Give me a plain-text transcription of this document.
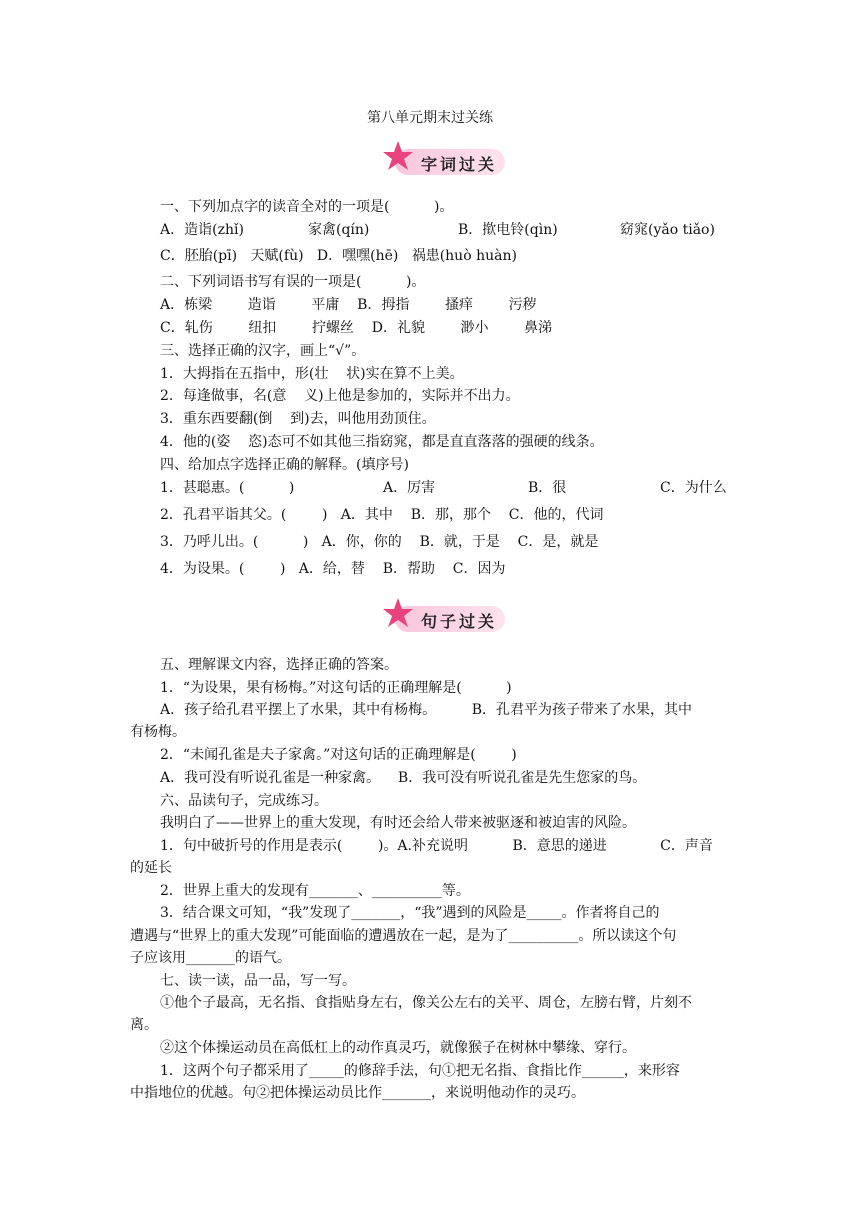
第八单元期末过关练
字词过关
一、下列加点字的读音全对的一项是(          )。
A．造诣(zhǐ)	家禽(qín)	B．揿电铃(qìn)	窈窕(yǎo tiǎo)
C．胚胎(pī)   天赋(fù)   D．嘿嘿(hē)   祸患(huò huàn)
二、下列词语书写有误的一项是(          )。
A．栋梁        造诣        平庸    B．拇指        搔痒        污秽
C．轧伤        纽扣        拧螺丝    D．礼貌        渺小        鼻涕
三、选择正确的汉字，画上“√”。
1．大拇指在五指中，形(壮    状)实在算不上美。
2．每逢做事，名(意    义)上他是参加的，实际并不出力。
3．重东西要翻(倒    到)去，叫他用劲顶住。
4．他的(姿    恣)态可不如其他三指窈窕，都是直直落落的强硬的线条。
四、给加点字选择正确的解释。(填序号)
1．甚聪惠。(          )	A．厉害	B．很	C．为什么
2．孔君平诣其父。(        )   A．其中    B．那，那个    C．他的，代词
3．乃呼儿出。(          )   A．你，你的    B．就，于是    C．是，就是
4．为设果。(        )   A．给，替    B．帮助    C．因为
句子过关
五、理解课文内容，选择正确的答案。
1．“为设果，果有杨梅。”对这句话的正确理解是(          )
A．孩子给孔君平摆上了水果，其中有杨梅。        B．孔君平为孩子带来了水果，其中
有杨梅。
2．“未闻孔雀是夫子家禽。”对这句话的正确理解是(        )
A．我可没有听说孔雀是一种家禽。    B．我可没有听说孔雀是先生您家的鸟。
六、品读句子，完成练习。
我明白了——世界上的重大发现，有时还会给人带来被驱逐和被迫害的风险。
1．句中破折号的作用是表示(        )。A.补充说明          B．意思的递进            C．声音
的延长
2．世界上重大的发现有_______、__________等。
3．结合课文可知，“我”发现了_______，“我”遇到的风险是_____。作者将自己的
遭遇与“世界上的重大发现”可能面临的遭遇放在一起，是为了__________。所以读这个句
子应该用_______的语气。
七、读一读，品一品，写一写。
①他个子最高，无名指、食指贴身左右，像关公左右的关平、周仓，左膀右臂，片刻不
离。
②这个体操运动员在高低杠上的动作真灵巧，就像猴子在树林中攀缘、穿行。
1．这两个句子都采用了_____的修辞手法，句①把无名指、食指比作______，来形容
中指地位的优越。句②把体操运动员比作_______，来说明他动作的灵巧。
